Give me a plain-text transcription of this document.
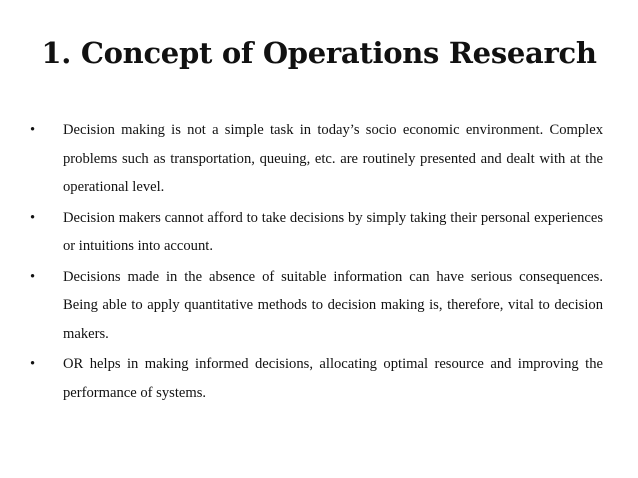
1. Concept of Operations Research
•	Decision making is not a simple task in today’s socio economic environment. Complex problems such as transportation, queuing, etc. are routinely presented and dealt with at the operational level.
•	Decision makers cannot afford to take decisions by simply taking their personal experiences or intuitions into account.
•	Decisions made in the absence of suitable information can have serious consequences. Being able to apply quantitative methods to decision making is, therefore, vital to decision makers.
•	OR helps in making informed decisions, allocating optimal resource and improving the performance of systems.
